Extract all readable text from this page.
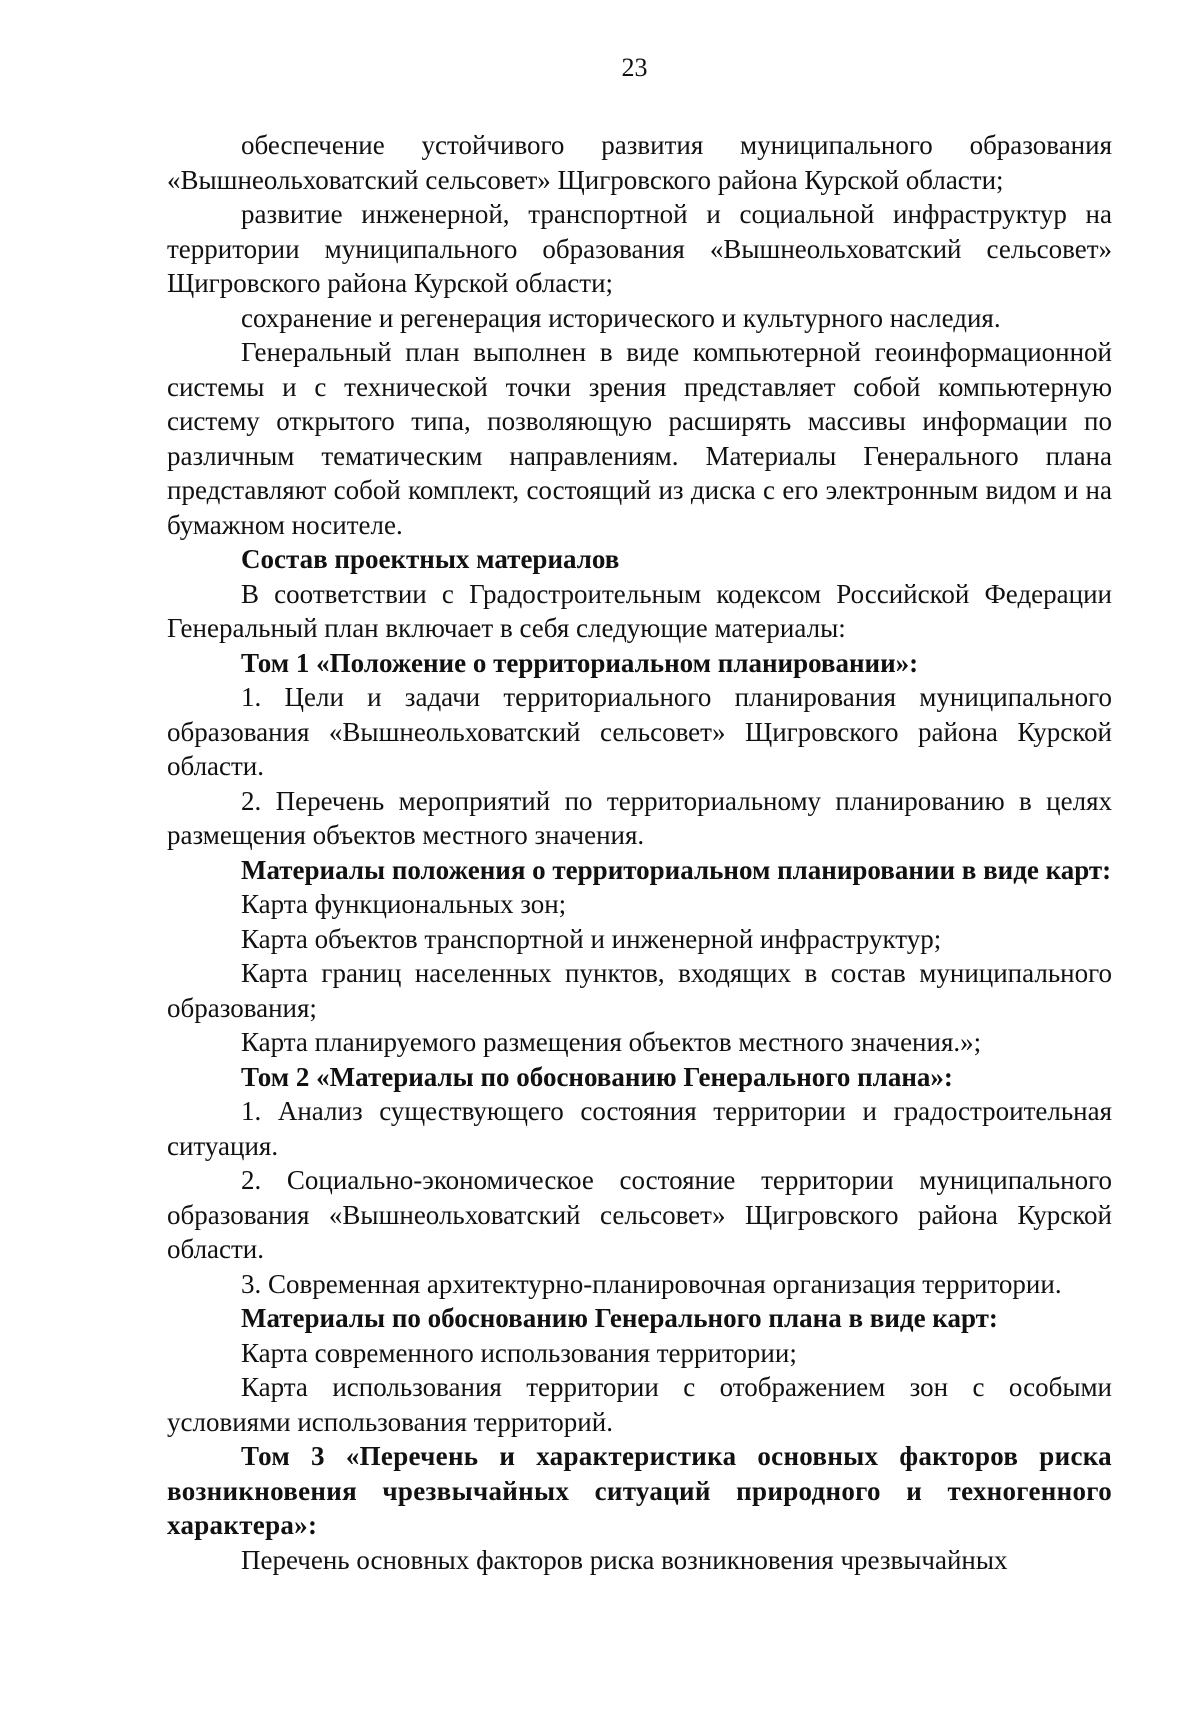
23

обеспечение устойчивого развития муниципального образования «Вышнеольховатский сельсовет» Щигровского района Курской области;

развитие инженерной, транспортной и социальной инфраструктур на территории муниципального образования «Вышнеольховатский сельсовет» Щигровского района Курской области;

сохранение и регенерация исторического и культурного наследия.

Генеральный план выполнен в виде компьютерной геоинформационной системы и с технической точки зрения представляет собой компьютерную систему открытого типа, позволяющую расширять массивы информации по различным тематическим направлениям. Материалы Генерального плана представляют собой комплект, состоящий из диска с его электронным видом и на бумажном носителе.

Состав проектных материалов

В соответствии с Градостроительным кодексом Российской Федерации Генеральный план включает в себя следующие материалы:

Том 1 «Положение о территориальном планировании»:

1. Цели и задачи территориального планирования муниципального образования «Вышнеольховатский сельсовет» Щигровского района Курской области.

2. Перечень мероприятий по территориальному планированию в целях размещения объектов местного значения.

Материалы положения о территориальном планировании в виде карт:

Карта функциональных зон;

Карта объектов транспортной и инженерной инфраструктур;

Карта границ населенных пунктов, входящих в состав муниципального образования;

Карта планируемого размещения объектов местного значения.»;

Том 2 «Материалы по обоснованию Генерального плана»:

1. Анализ существующего состояния территории и градостроительная ситуация.

2. Социально-экономическое состояние территории муниципального образования «Вышнеольховатский сельсовет» Щигровского района Курской области.

3. Современная архитектурно-планировочная организация территории.

Материалы по обоснованию Генерального плана в виде карт:

Карта современного использования территории;

Карта использования территории с отображением зон с особыми условиями использования территорий.

Том 3 «Перечень и характеристика основных факторов риска возникновения чрезвычайных ситуаций природного и техногенного характера»:

Перечень основных факторов риска возникновения чрезвычайных
